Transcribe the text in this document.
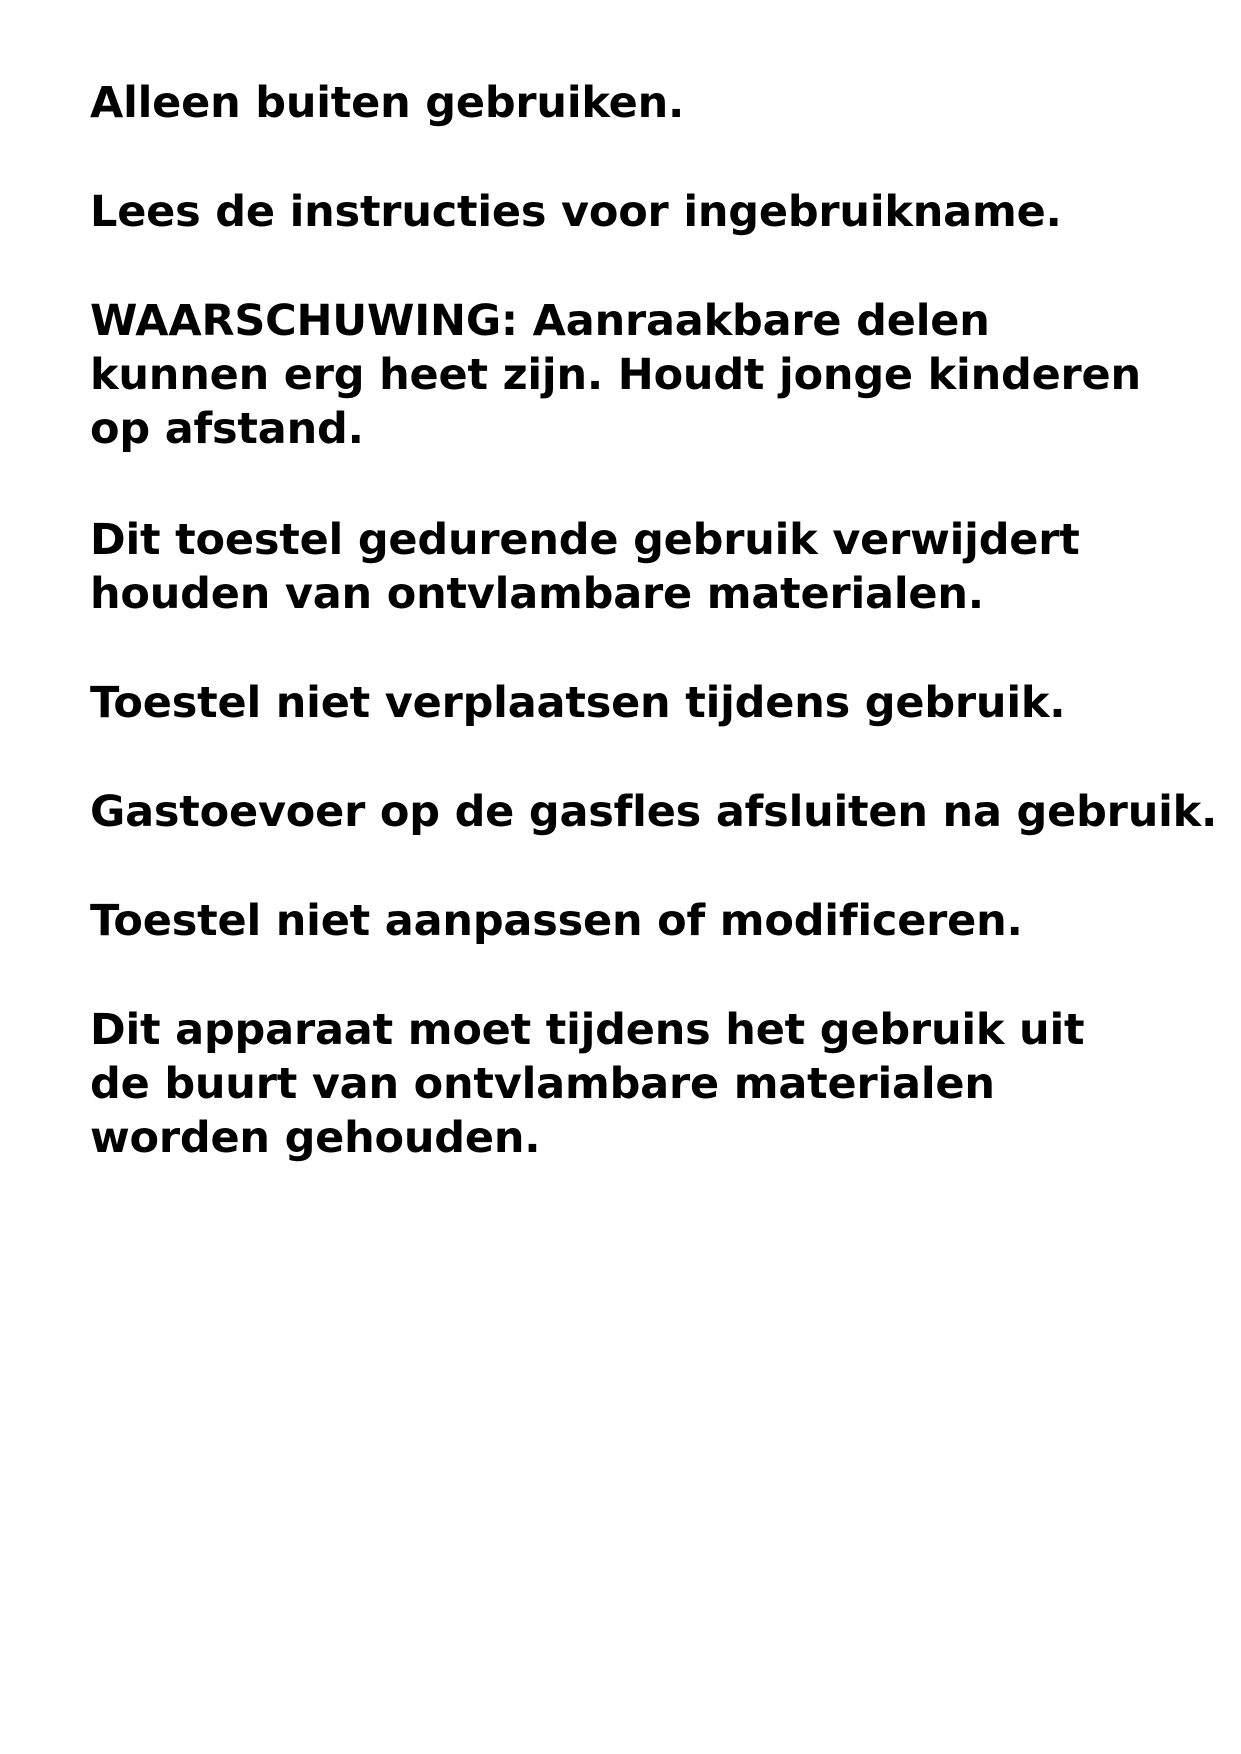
Alleen buiten gebruiken.

Lees de instructies voor ingebruikname.

WAARSCHUWING: Aanraakbare delen
kunnen erg heet zijn. Houdt jonge kinderen
op afstand.

Dit toestel gedurende gebruik verwijdert
houden van ontvlambare materialen.

Toestel niet verplaatsen tijdens gebruik.

Gastoevoer op de gasfles afsluiten na gebruik.

Toestel niet aanpassen of modificeren.

Dit apparaat moet tijdens het gebruik uit
de buurt van ontvlambare materialen
worden gehouden.
